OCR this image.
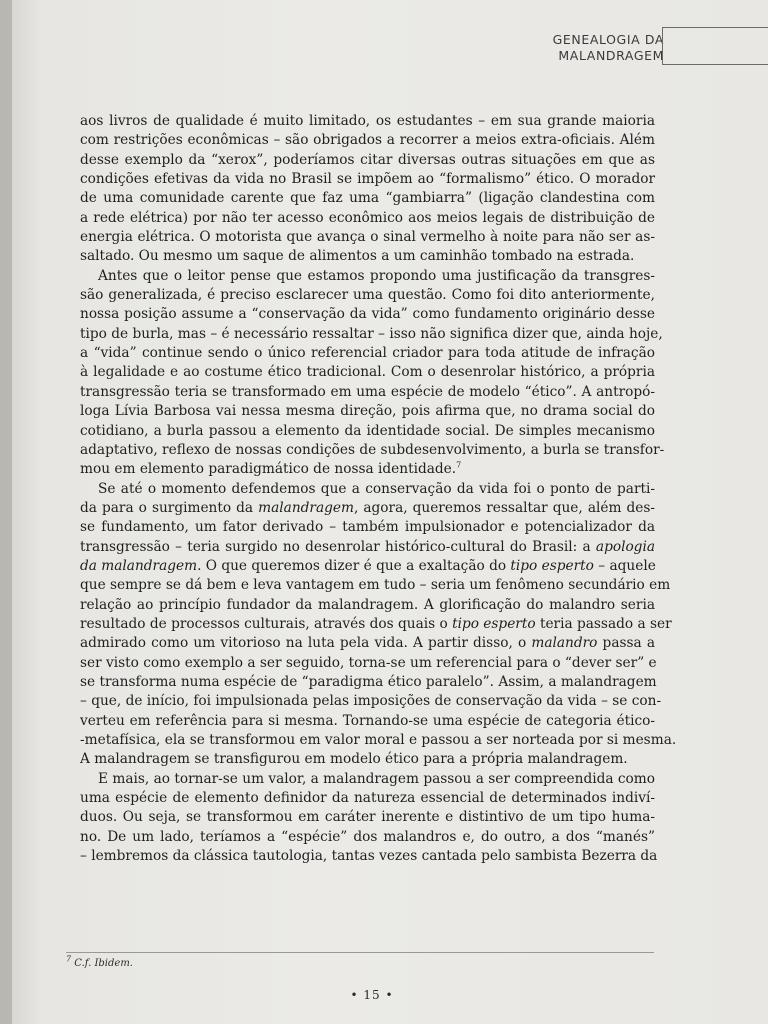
GENEALOGIA DA
MALANDRAGEM
aos livros de qualidade é muito limitado, os estudantes – em sua grande maioria
com restrições econômicas – são obrigados a recorrer a meios extra-oficiais. Além
desse exemplo da “xerox”, poderíamos citar diversas outras situações em que as
condições efetivas da vida no Brasil se impõem ao “formalismo” ético. O morador
de uma comunidade carente que faz uma “gambiarra” (ligação clandestina com
a rede elétrica) por não ter acesso econômico aos meios legais de distribuição de
energia elétrica. O motorista que avança o sinal vermelho à noite para não ser as-
saltado. Ou mesmo um saque de alimentos a um caminhão tombado na estrada.
Antes que o leitor pense que estamos propondo uma justificação da transgres-
são generalizada, é preciso esclarecer uma questão. Como foi dito anteriormente,
nossa posição assume a “conservação da vida” como fundamento originário desse
tipo de burla, mas – é necessário ressaltar – isso não significa dizer que, ainda hoje,
a “vida” continue sendo o único referencial criador para toda atitude de infração
à legalidade e ao costume ético tradicional. Com o desenrolar histórico, a própria
transgressão teria se transformado em uma espécie de modelo “ético”. A antropó-
loga Lívia Barbosa vai nessa mesma direção, pois afirma que, no drama social do
cotidiano, a burla passou a elemento da identidade social. De simples mecanismo
adaptativo, reflexo de nossas condições de subdesenvolvimento, a burla se transfor-
mou em elemento paradigmático de nossa identidade.$^7$
Se até o momento defendemos que a conservação da vida foi o ponto de parti-
da para o surgimento da malandragem, agora, queremos ressaltar que, além des-
se fundamento, um fator derivado – também impulsionador e potencializador da
transgressão – teria surgido no desenrolar histórico-cultural do Brasil: a apologia
da malandragem. O que queremos dizer é que a exaltação do tipo esperto – aquele
que sempre se dá bem e leva vantagem em tudo – seria um fenômeno secundário em
relação ao princípio fundador da malandragem. A glorificação do malandro seria
resultado de processos culturais, através dos quais o tipo esperto teria passado a ser
admirado como um vitorioso na luta pela vida. A partir disso, o malandro passa a
ser visto como exemplo a ser seguido, torna-se um referencial para o “dever ser” e
se transforma numa espécie de “paradigma ético paralelo”. Assim, a malandragem
– que, de início, foi impulsionada pelas imposições de conservação da vida – se con-
verteu em referência para si mesma. Tornando-se uma espécie de categoria ético-
-metafísica, ela se transformou em valor moral e passou a ser norteada por si mesma.
A malandragem se transfigurou em modelo ético para a própria malandragem.
E mais, ao tornar-se um valor, a malandragem passou a ser compreendida como
uma espécie de elemento definidor da natureza essencial de determinados indiví-
duos. Ou seja, se transformou em caráter inerente e distintivo de um tipo huma-
no. De um lado, teríamos a “espécie” dos malandros e, do outro, a dos “manés”
– lembremos da clássica tautologia, tantas vezes cantada pelo sambista Bezerra da
$^7$ C.f. Ibidem.
• 15 •
